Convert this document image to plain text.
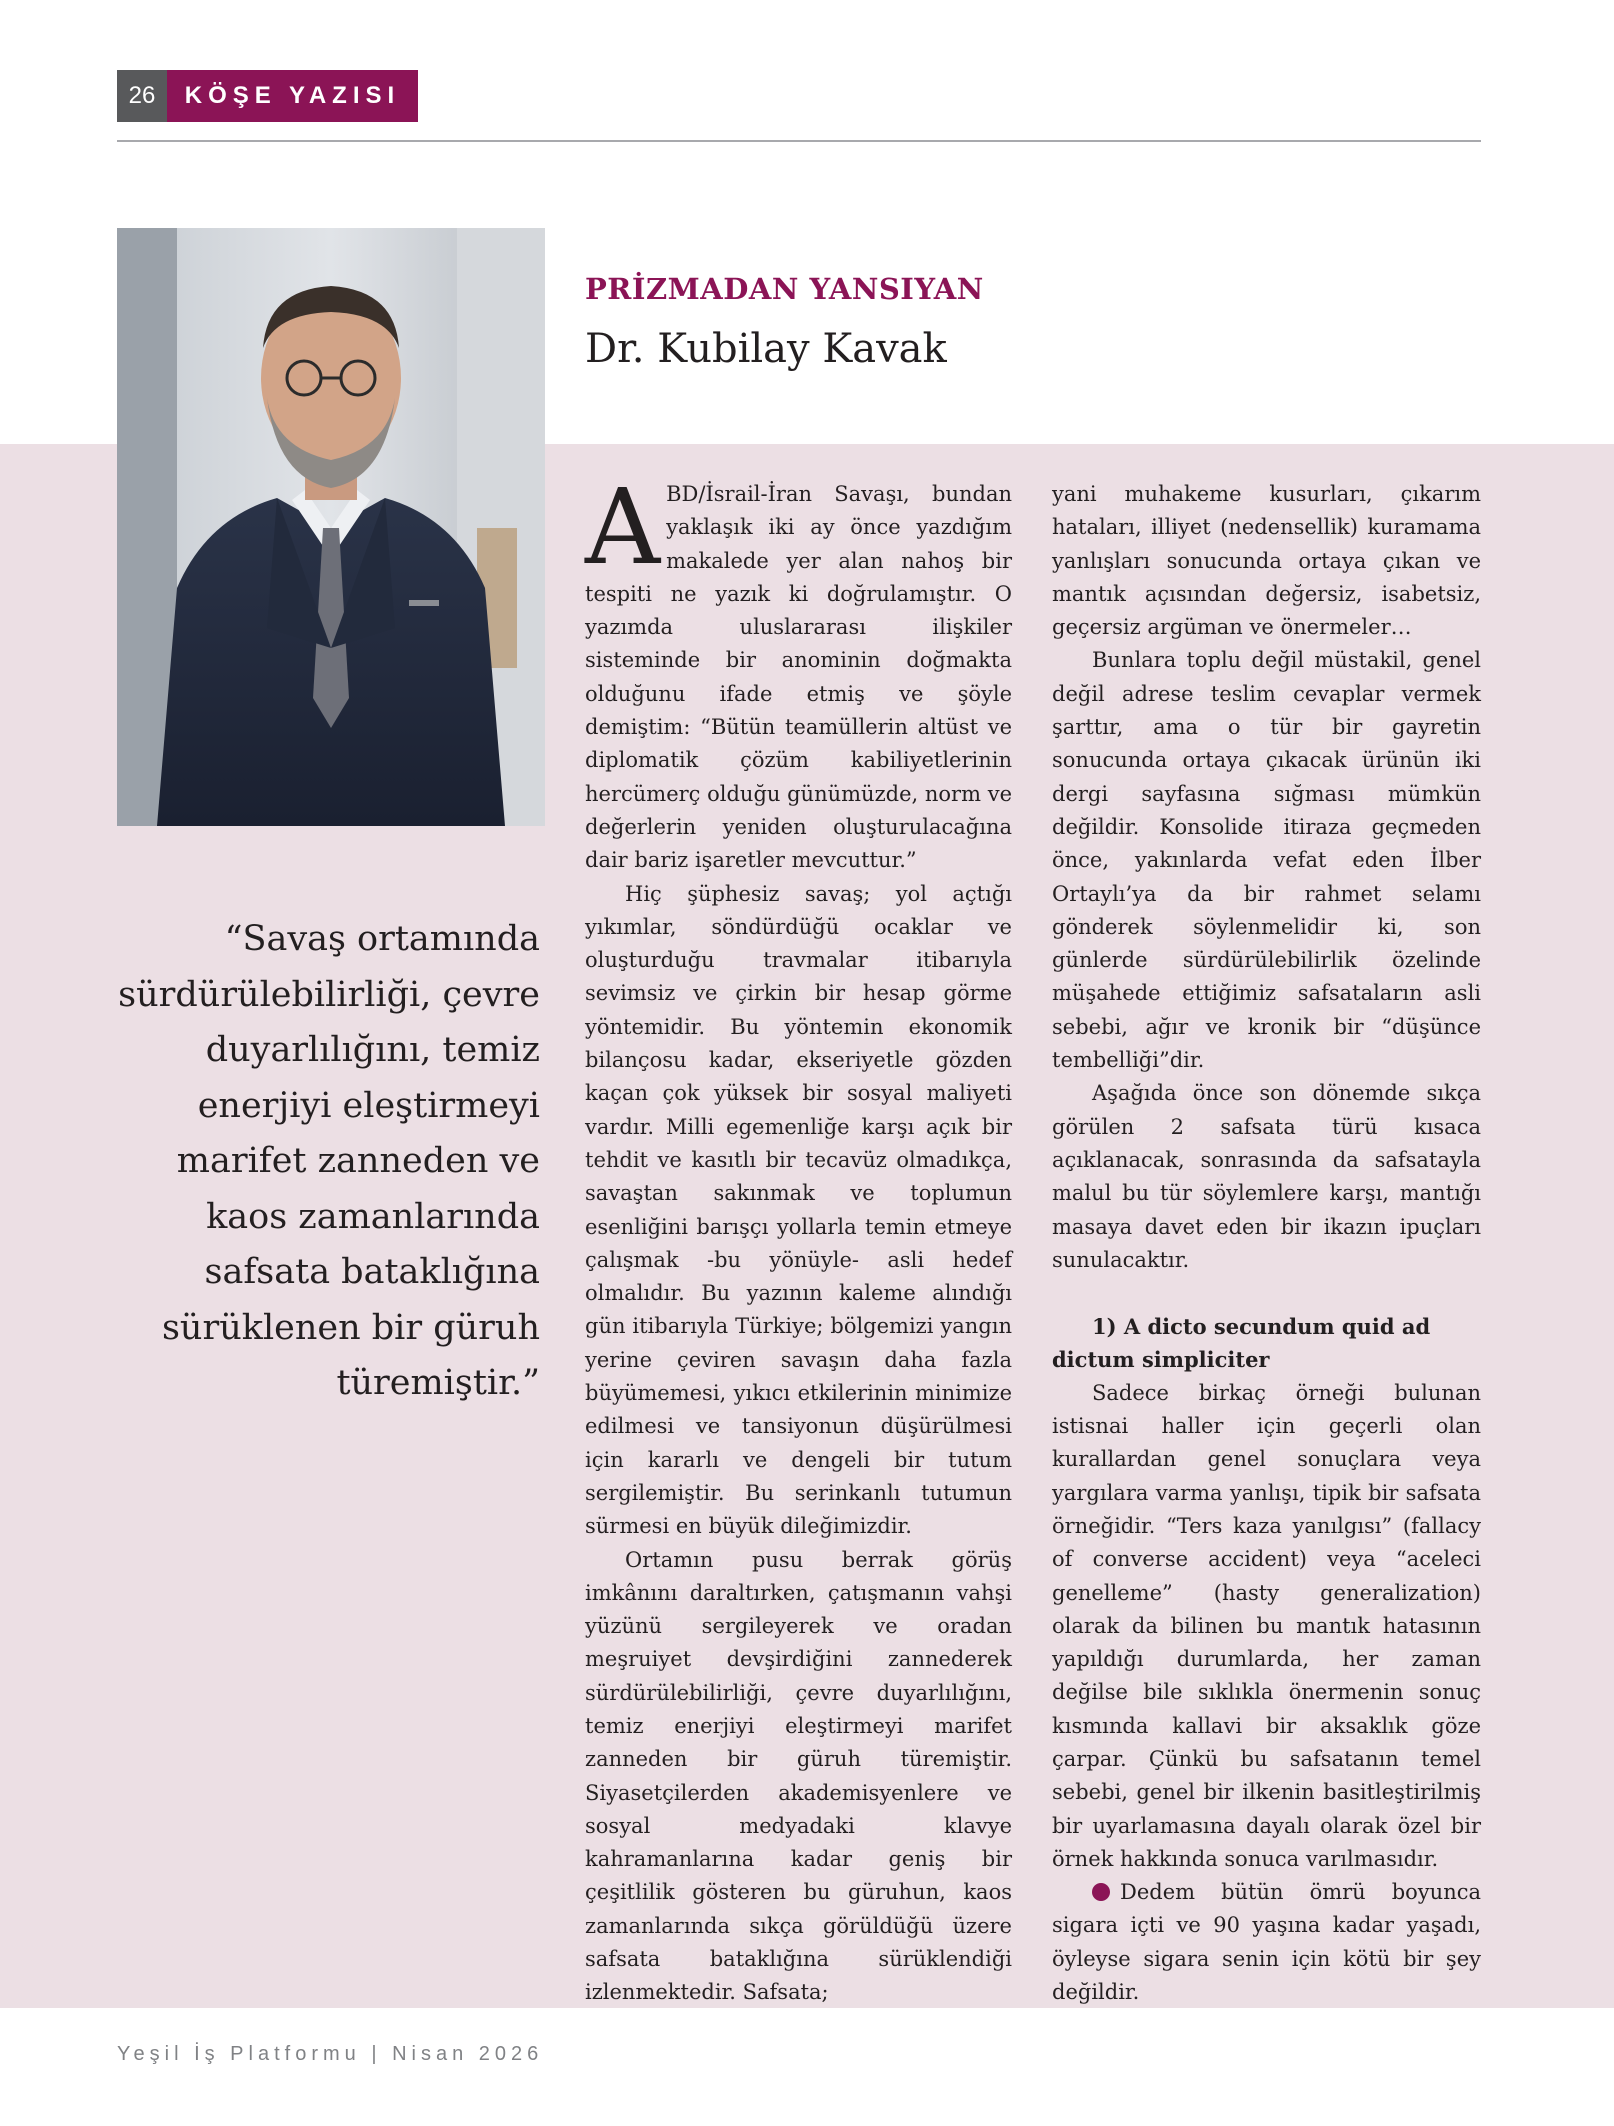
26	KÖŞE YAZISI
PRİZMADAN YANSIYAN
Dr. Kubilay Kavak
“Savaş ortamında sürdürülebilirliği, çevre duyarlılığını, temiz enerjiyi eleştirmeyi marifet zanneden ve kaos zamanlarında safsata bataklığına sürüklenen bir güruh türemiştir.”

ABD/İsrail-İran Savaşı, bundan yaklaşık iki ay önce yazdığım makalede yer alan nahoş bir tespiti ne yazık ki doğrulamıştır. O yazımda uluslararası ilişkiler sisteminde bir anominin doğmakta olduğunu ifade etmiş ve şöyle demiştim: “Bütün teamüllerin altüst ve diplomatik çözüm kabiliyetlerinin hercümerç olduğu günümüzde, norm ve değerlerin yeniden oluşturulacağına dair bariz işaretler mevcuttur.”

Hiç şüphesiz savaş; yol açtığı yıkımlar, söndürdüğü ocaklar ve oluşturduğu travmalar itibarıyla sevimsiz ve çirkin bir hesap görme yöntemidir. Bu yöntemin ekonomik bilançosu kadar, ekseriyetle gözden kaçan çok yüksek bir sosyal maliyeti vardır. Milli egemenliğe karşı açık bir tehdit ve kasıtlı bir tecavüz olmadıkça, savaştan sakınmak ve toplumun esenliğini barışçı yollarla temin etmeye çalışmak -bu yönüyle- asli hedef olmalıdır. Bu yazının kaleme alındığı gün itibarıyla Türkiye; bölgemizi yangın yerine çeviren savaşın daha fazla büyümemesi, yıkıcı etkilerinin minimize edilmesi ve tansiyonun düşürülmesi için kararlı ve dengeli bir tutum sergilemiştir. Bu serinkanlı tutumun sürmesi en büyük dileğimizdir.

Ortamın pusu berrak görüş imkânını daraltırken, çatışmanın vahşi yüzünü sergileyerek ve oradan meşruiyet devşirdiğini zannederek sürdürülebilirliği, çevre duyarlılığını, temiz enerjiyi eleştirmeyi marifet zanneden bir güruh türemiştir. Siyasetçilerden akademisyenlere ve sosyal medyadaki klavye kahramanlarına kadar geniş bir çeşitlilik gösteren bu güruhun, kaos zamanlarında sıkça görüldüğü üzere safsata bataklığına sürüklendiği izlenmektedir. Safsata;

yani muhakeme kusurları, çıkarım hataları, illiyet (nedensellik) kuramama yanlışları sonucunda ortaya çıkan ve mantık açısından değersiz, isabetsiz, geçersiz argüman ve önermeler…

Bunlara toplu değil müstakil, genel değil adrese teslim cevaplar vermek şarttır, ama o tür bir gayretin sonucunda ortaya çıkacak ürünün iki dergi sayfasına sığması mümkün değildir. Konsolide itiraza geçmeden önce, yakınlarda vefat eden İlber Ortaylı’ya da bir rahmet selamı gönderek söylenmelidir ki, son günlerde sürdürülebilirlik özelinde müşahede ettiğimiz safsataların asli sebebi, ağır ve kronik bir “düşünce tembelliği”dir.

Aşağıda önce son dönemde sıkça görülen 2 safsata türü kısaca açıklanacak, sonrasında da safsatayla malul bu tür söylemlere karşı, mantığı masaya davet eden bir ikazın ipuçları sunulacaktır.

1) A dicto secundum quid ad dictum simpliciter

Sadece birkaç örneği bulunan istisnai haller için geçerli olan kurallardan genel sonuçlara veya yargılara varma yanlışı, tipik bir safsata örneğidir. “Ters kaza yanılgısı” (fallacy of converse accident) veya “aceleci genelleme” (hasty generalization) olarak da bilinen bu mantık hatasının yapıldığı durumlarda, her zaman değilse bile sıklıkla önermenin sonuç kısmında kallavi bir aksaklık göze çarpar. Çünkü bu safsatanın temel sebebi, genel bir ilkenin basitleştirilmiş bir uyarlamasına dayalı olarak özel bir örnek hakkında sonuca varılmasıdır.

Dedem bütün ömrü boyunca sigara içti ve 90 yaşına kadar yaşadı, öyleyse sigara senin için kötü bir şey değildir.

Yeşil İş Platformu | Nisan 2026
